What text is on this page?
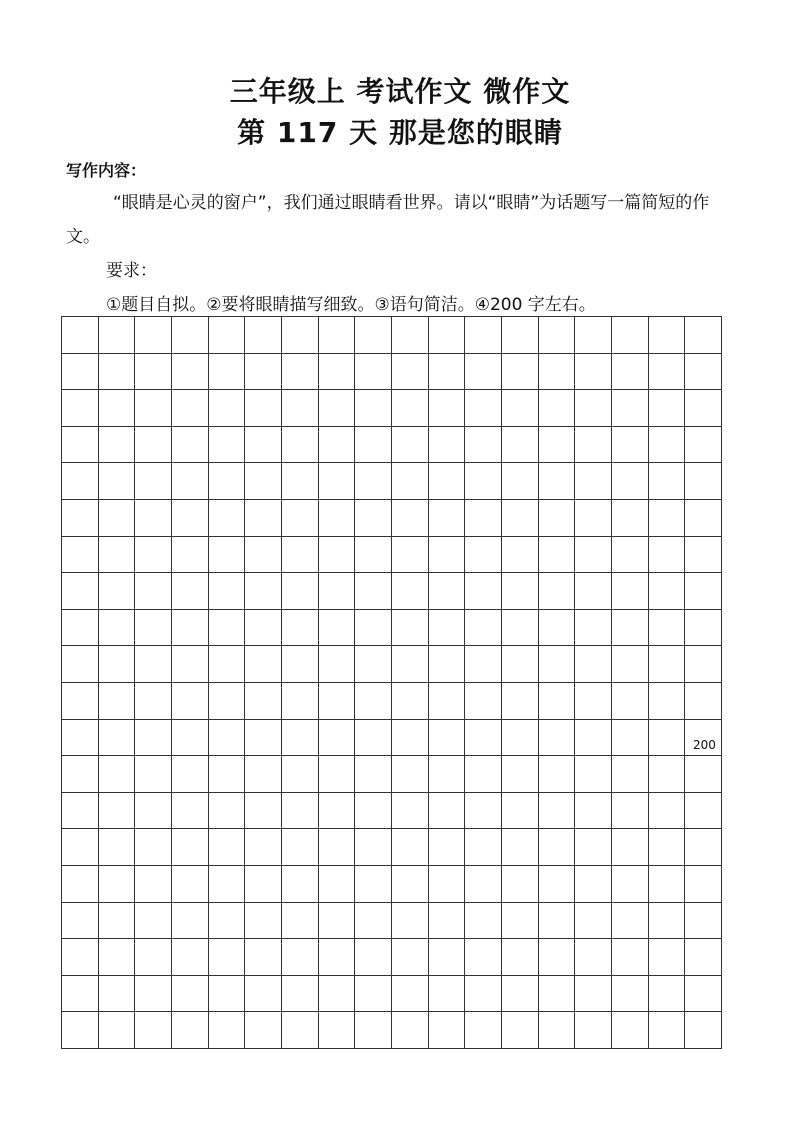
三年级上 考试作文 微作文
第 117 天 那是您的眼睛
写作内容：

“眼睛是心灵的窗户”，我们通过眼睛看世界。请以“眼睛”为话题写一篇简短的作文。

要求：

①题目自拟。②要将眼睛描写细致。③语句简洁。④200 字左右。

200
